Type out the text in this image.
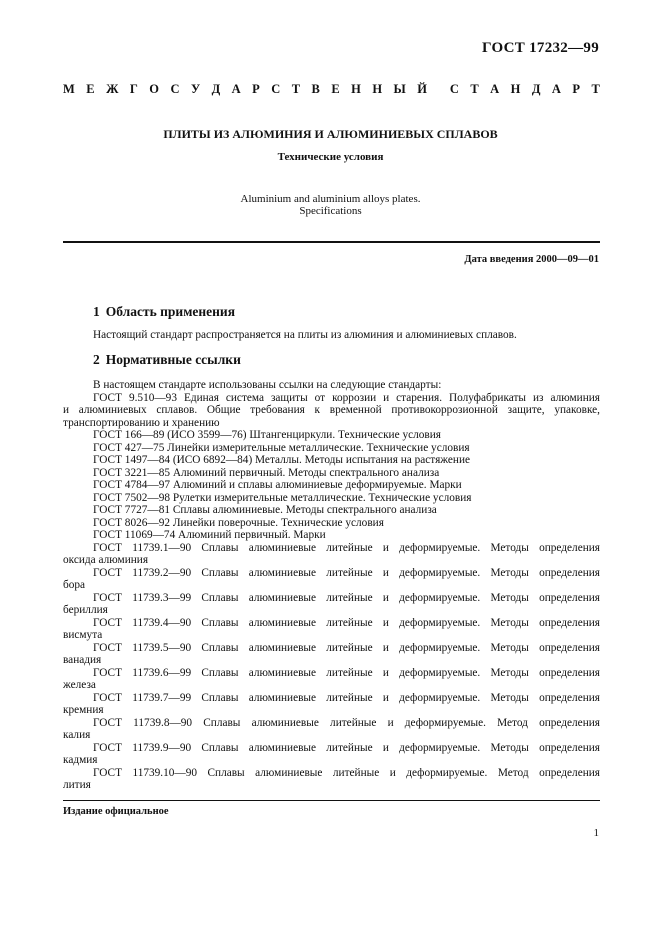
ГОСТ 17232—99
М Е Ж Г О С У Д А Р С Т В Е Н Н Ы Й С Т А Н Д А Р Т
ПЛИТЫ ИЗ АЛЮМИНИЯ И АЛЮМИНИЕВЫХ СПЛАВОВ
Технические условия
Aluminium and aluminium alloys plates.
Specifications
Дата введения 2000—09—01
1 Область применения
Настоящий стандарт распространяется на плиты из алюминия и алюминиевых сплавов.
2 Нормативные ссылки
В настоящем стандарте использованы ссылки на следующие стандарты:
ГОСТ 9.510—93 Единая система защиты от коррозии и старения. Полуфабрикаты из алюминия
и алюминиевых сплавов. Общие требования к временной противокоррозионной защите, упаковке,
транспортированию и хранению
ГОСТ 166—89 (ИСО 3599—76) Штангенциркули. Технические условия
ГОСТ 427—75 Линейки измерительные металлические. Технические условия
ГОСТ 1497—84 (ИСО 6892—84) Металлы. Методы испытания на растяжение
ГОСТ 3221—85 Алюминий первичный. Методы спектрального анализа
ГОСТ 4784—97 Алюминий и сплавы алюминиевые деформируемые. Марки
ГОСТ 7502—98 Рулетки измерительные металлические. Технические условия
ГОСТ 7727—81 Сплавы алюминиевые. Методы спектрального анализа
ГОСТ 8026—92 Линейки поверочные. Технические условия
ГОСТ 11069—74 Алюминий первичный. Марки
ГОСТ 11739.1—90 Сплавы алюминиевые литейные и деформируемые. Методы определения
оксида алюминия
ГОСТ 11739.2—90 Сплавы алюминиевые литейные и деформируемые. Методы определения
бора
ГОСТ 11739.3—99 Сплавы алюминиевые литейные и деформируемые. Методы определения
бериллия
ГОСТ 11739.4—90 Сплавы алюминиевые литейные и деформируемые. Методы определения
висмута
ГОСТ 11739.5—90 Сплавы алюминиевые литейные и деформируемые. Методы определения
ванадия
ГОСТ 11739.6—99 Сплавы алюминиевые литейные и деформируемые. Методы определения
железа
ГОСТ 11739.7—99 Сплавы алюминиевые литейные и деформируемые. Методы определения
кремния
ГОСТ 11739.8—90 Сплавы алюминиевые литейные и деформируемые. Метод определения
калия
ГОСТ 11739.9—90 Сплавы алюминиевые литейные и деформируемые. Методы определения
кадмия
ГОСТ 11739.10—90 Сплавы алюминиевые литейные и деформируемые. Метод определения
лития
Издание официальное
1
